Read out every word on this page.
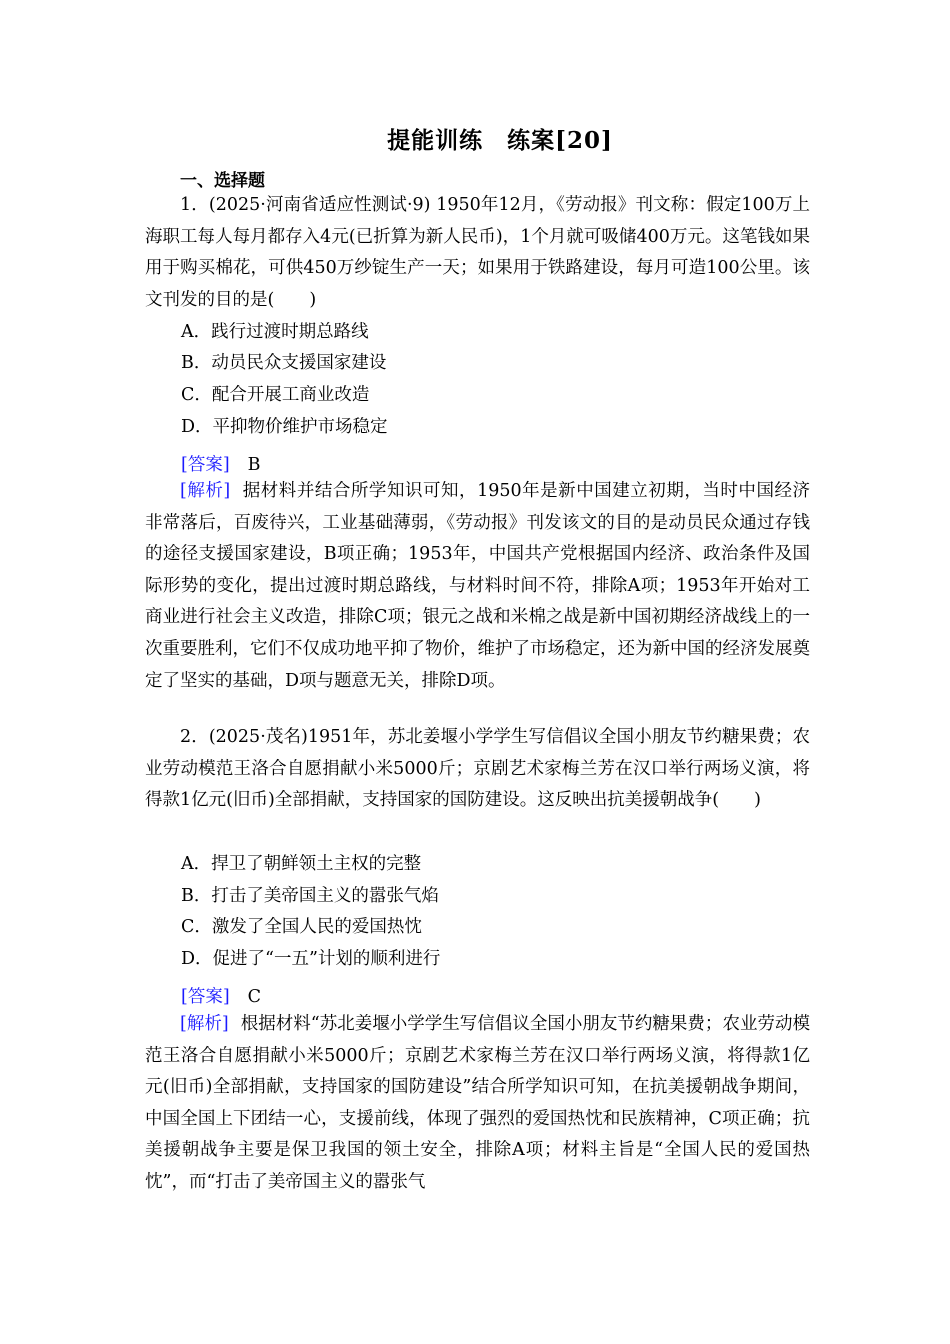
提能训练　练案[20]
一、选择题

1．(2025·河南省适应性测试·9) 1950年12月，《劳动报》刊文称：假定100万上海职工每人每月都存入4元(已折算为新人民币)，1个月就可吸储400万元。这笔钱如果用于购买棉花，可供450万纱锭生产一天；如果用于铁路建设，每月可造100公里。该文刊发的目的是(　　)

A．践行过渡时期总路线
B．动员民众支援国家建设
C．配合开展工商业改造
D．平抑物价维护市场稳定
[答案] B

[解析] 据材料并结合所学知识可知，1950年是新中国建立初期，当时中国经济非常落后，百废待兴，工业基础薄弱，《劳动报》刊发该文的目的是动员民众通过存钱的途径支援国家建设，B项正确；1953年，中国共产党根据国内经济、政治条件及国际形势的变化，提出过渡时期总路线，与材料时间不符，排除A项；1953年开始对工商业进行社会主义改造，排除C项；银元之战和米棉之战是新中国初期经济战线上的一次重要胜利，它们不仅成功地平抑了物价，维护了市场稳定，还为新中国的经济发展奠定了坚实的基础，D项与题意无关，排除D项。

2．(2025·茂名)1951年，苏北姜堰小学学生写信倡议全国小朋友节约糖果费；农业劳动模范王洛合自愿捐献小米5000斤；京剧艺术家梅兰芳在汉口举行两场义演，将得款1亿元(旧币)全部捐献，支持国家的国防建设。这反映出抗美援朝战争(　　)

A．捍卫了朝鲜领土主权的完整
B．打击了美帝国主义的嚣张气焰
C．激发了全国人民的爱国热忱
D．促进了“一五”计划的顺利进行
[答案] C

[解析] 根据材料“苏北姜堰小学学生写信倡议全国小朋友节约糖果费；农业劳动模范王洛合自愿捐献小米5000斤；京剧艺术家梅兰芳在汉口举行两场义演，将得款1亿元(旧币)全部捐献，支持国家的国防建设”结合所学知识可知，在抗美援朝战争期间，中国全国上下团结一心，支援前线，体现了强烈的爱国热忱和民族精神，C项正确；抗美援朝战争主要是保卫我国的领土安全，排除A项；材料主旨是“全国人民的爱国热忱”，而“打击了美帝国主义的嚣张气
